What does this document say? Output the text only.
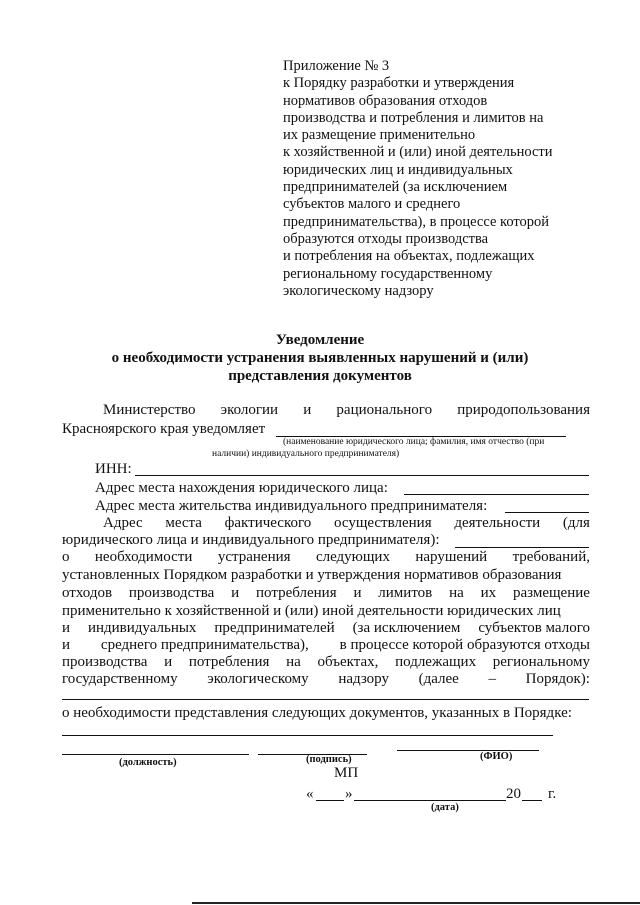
Приложение № 3
к Порядку разработки и утверждения
нормативов образования отходов
производства и потребления и лимитов на
их размещение применительно
к хозяйственной и (или) иной деятельности
юридических лиц и индивидуальных
предпринимателей (за исключением
субъектов малого и среднего
предпринимательства), в процессе которой
образуются отходы производства
и потребления на объектах, подлежащих
региональному государственному
экологическому надзору
Уведомление
о необходимости устранения выявленных нарушений и (или)
представления документов
Министерство экологии и рационального природопользования
Красноярского края уведомляет
(наименование юридического лица; фамилия, имя отчество (при
наличии) индивидуального предпринимателя)
ИНН:
Адрес места нахождения юридического лица:
Адрес места жительства индивидуального предпринимателя:
Адрес места фактического осуществления деятельности (для
юридического лица и индивидуального предпринимателя):
о необходимости устранения следующих нарушений требований,
установленных Порядком разработки и утверждения нормативов образования
отходов производства и потребления и лимитов на их размещение
применительно к хозяйственной и (или) иной деятельности юридических лиц
и индивидуальных предпринимателей (за исключением субъектов малого
и среднего предпринимательства), в процессе которой образуются отходы
производства и потребления на объектах, подлежащих региональному
государственному экологическому надзору (далее – Порядок):
о необходимости представления следующих документов, указанных в Порядке:
(должность)	(подпись)	(ФИО)
МП
« »	20 г.
(дата)
